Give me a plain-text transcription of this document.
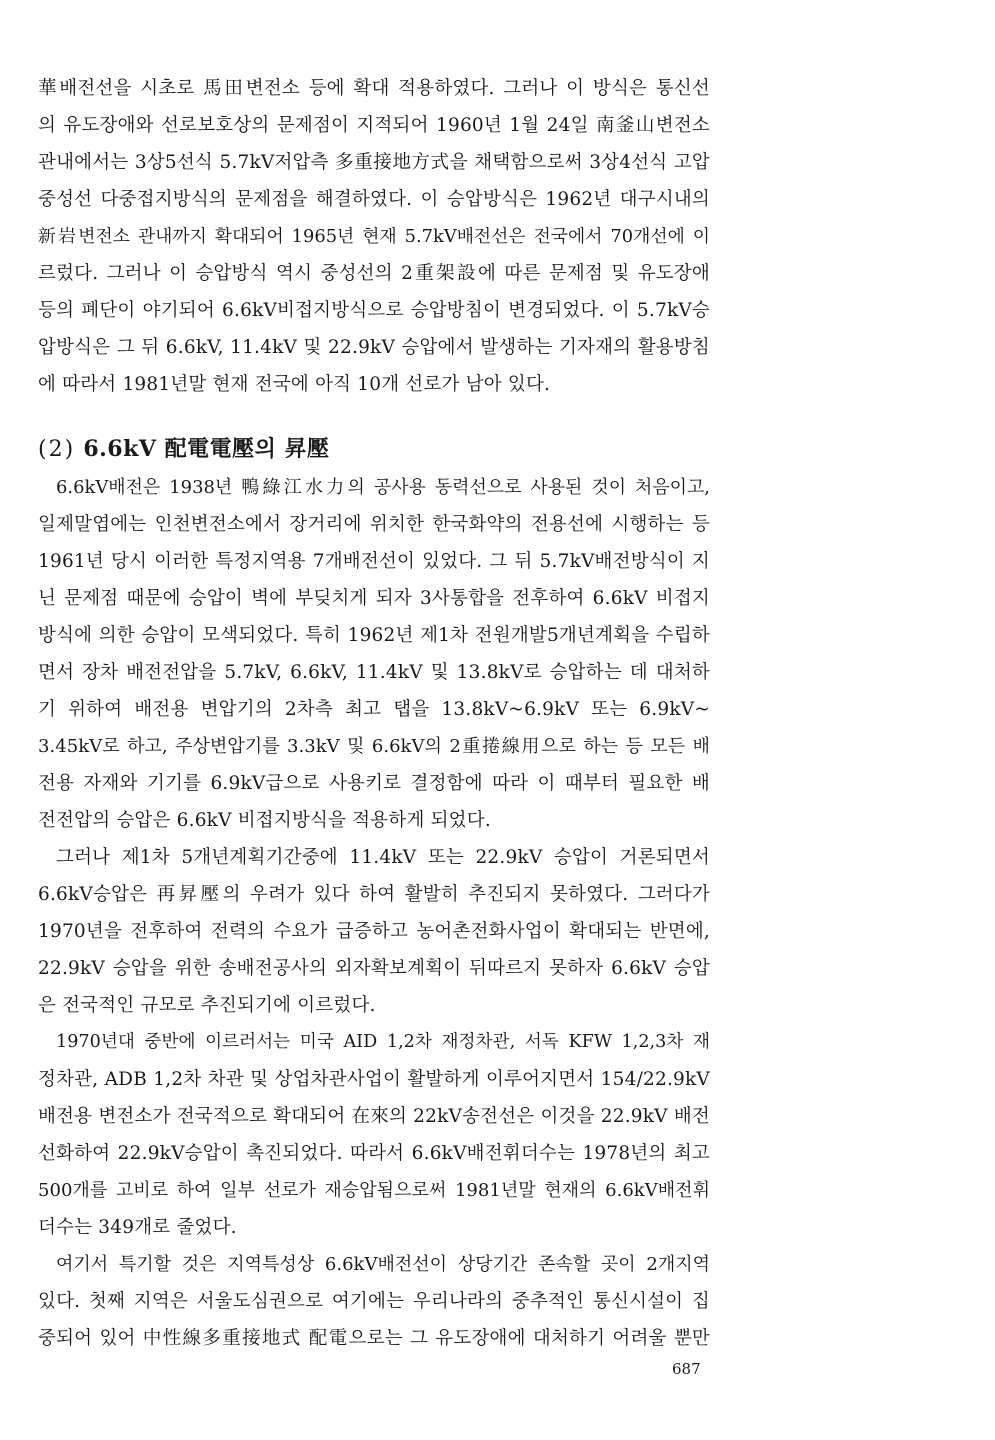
華배전선을 시초로 馬田변전소 등에 확대 적용하였다. 그러나 이 방식은 통신선
의 유도장애와 선로보호상의 문제점이 지적되어 1960년 1월 24일 南釜山변전소
관내에서는 3상5선식 5.7kV저압측 多重接地方式을 채택함으로써 3상4선식 고압
중성선 다중접지방식의 문제점을 해결하였다. 이 승압방식은 1962년 대구시내의
新岩변전소 관내까지 확대되어 1965년 현재 5.7kV배전선은 전국에서 70개선에 이
르렀다. 그러나 이 승압방식 역시 중성선의 2重架設에 따른 문제점 및 유도장애
등의 폐단이 야기되어 6.6kV비접지방식으로 승압방침이 변경되었다. 이 5.7kV승
압방식은 그 뒤 6.6kV, 11.4kV 및 22.9kV 승압에서 발생하는 기자재의 활용방침
에 따라서 1981년말 현재 전국에 아직 10개 선로가 남아 있다.
(2) 6.6kV 配電電壓의 昇壓
6.6kV배전은 1938년 鴨綠江水力의 공사용 동력선으로 사용된 것이 처음이고,
일제말엽에는 인천변전소에서 장거리에 위치한 한국화약의 전용선에 시행하는 등
1961년 당시 이러한 특정지역용 7개배전선이 있었다. 그 뒤 5.7kV배전방식이 지
닌 문제점 때문에 승압이 벽에 부딪치게 되자 3사통합을 전후하여 6.6kV 비접지
방식에 의한 승압이 모색되었다. 특히 1962년 제1차 전원개발5개년계획을 수립하
면서 장차 배전전압을 5.7kV, 6.6kV, 11.4kV 및 13.8kV로 승압하는 데 대처하
기 위하여 배전용 변압기의 2차측 최고 탭을 13.8kV~6.9kV 또는 6.9kV~
3.45kV로 하고, 주상변압기를 3.3kV 및 6.6kV의 2重捲線用으로 하는 등 모든 배
전용 자재와 기기를 6.9kV급으로 사용키로 결정함에 따라 이 때부터 필요한 배
전전압의 승압은 6.6kV 비접지방식을 적용하게 되었다.
그러나 제1차 5개년계획기간중에 11.4kV 또는 22.9kV 승압이 거론되면서
6.6kV승압은 再昇壓의 우려가 있다 하여 활발히 추진되지 못하였다. 그러다가
1970년을 전후하여 전력의 수요가 급증하고 농어촌전화사업이 확대되는 반면에,
22.9kV 승압을 위한 송배전공사의 외자확보계획이 뒤따르지 못하자 6.6kV 승압
은 전국적인 규모로 추진되기에 이르렀다.
1970년대 중반에 이르러서는 미국 AID 1,2차 재정차관, 서독 KFW 1,2,3차 재
정차관, ADB 1,2차 차관 및 상업차관사업이 활발하게 이루어지면서 154/22.9kV
배전용 변전소가 전국적으로 확대되어 在來의 22kV송전선은 이것을 22.9kV 배전
선화하여 22.9kV승압이 촉진되었다. 따라서 6.6kV배전휘더수는 1978년의 최고
500개를 고비로 하여 일부 선로가 재승압됨으로써 1981년말 현재의 6.6kV배전휘
더수는 349개로 줄었다.
여기서 특기할 것은 지역특성상 6.6kV배전선이 상당기간 존속할 곳이 2개지역
있다. 첫째 지역은 서울도심권으로 여기에는 우리나라의 중추적인 통신시설이 집
중되어 있어 中性線多重接地式 配電으로는 그 유도장애에 대처하기 어려울 뿐만
687
